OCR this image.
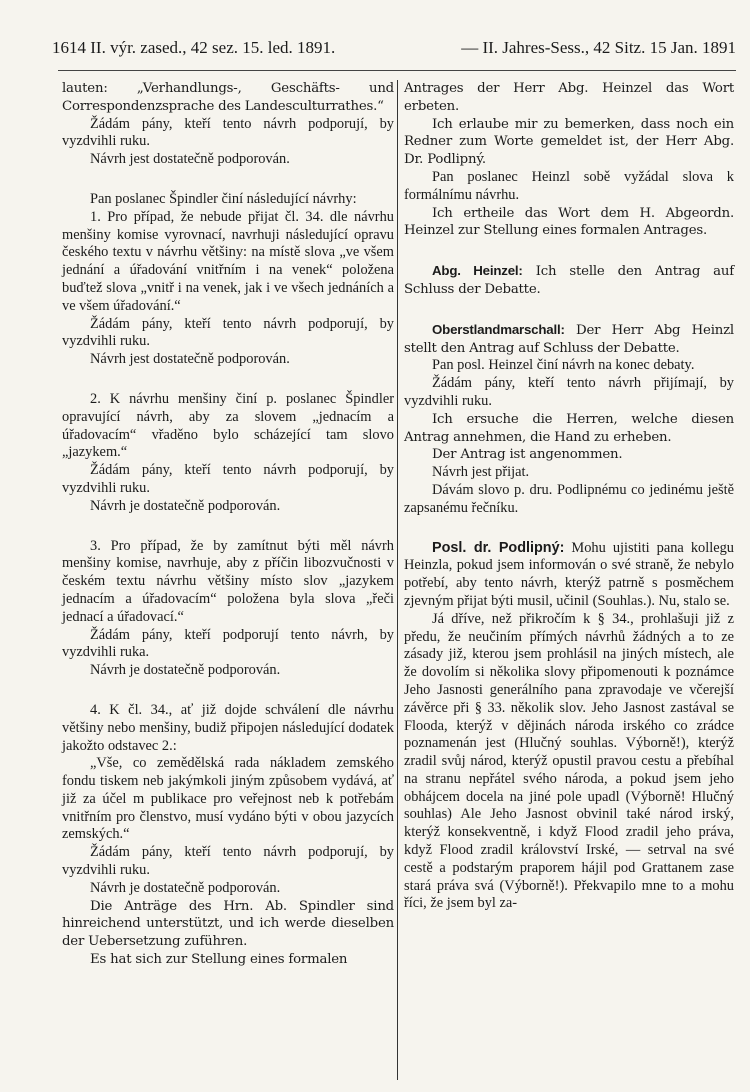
1614 II. výr. zased., 42 sez. 15. led. 1891.	— II. Jahres-Sess., 42 Sitz. 15 Jan. 1891

lauten: „Verhandlungs-, Geschäfts- und Correspondenzsprache des Landesculturrathes.“

Žádám pány, kteří tento návrh podporují, by vyzdvihli ruku.

Návrh jest dostatečně podporován.

Pan poslanec Špindler činí následující návrhy:

1. Pro případ, že nebude přijat čl. 34. dle návrhu menšiny komise vyrovnací, navrhuji následující opravu českého textu v návrhu většiny: na místě slova „ve všem jednání a úřadování vnitřním i na venek“ položena buďtež slova „vnitř i na venek, jak i ve všech jednáních a ve všem úřadování.“

Žádám pány, kteří tento návrh podporují, by vyzdvihli ruku.

Návrh jest dostatečně podporován.

2. K návrhu menšiny činí p. poslanec Špindler opravující návrh, aby za slovem „jednacím a úřadovacím“ vřaděno bylo scházející tam slovo „jazykem.“

Žádám pány, kteří tento návrh podporují, by vyzdvihli ruku.

Návrh je dostatečně podporován.

3. Pro případ, že by zamítnut býti měl návrh menšiny komise, navrhuje, aby z příčin libozvučnosti v českém textu návrhu většiny místo slov „jazykem jednacím a úřadovacím“ položena byla slova „řeči jednací a úřadovací.“

Žádám pány, kteří podporují tento návrh, by vyzdvihli ruka.

Návrh je dostatečně podporován.

4. K čl. 34., ať již dojde schválení dle návrhu většiny nebo menšiny, budiž připojen následující dodatek jakožto odstavec 2.:

„Vše, co zemědělská rada nákladem zemského fondu tiskem neb jakýmkoli jiným způsobem vydává, ať již za účel m publikace pro veřejnost neb k potřebám vnitřním pro členstvo, musí vydáno býti v obou jazycích zemských.“

Žádám pány, kteří tento návrh podporují, by vyzdvihli ruku.

Návrh je dostatečně podporován.

Die Anträge des Hrn. Ab. Spindler sind hinreichend unterstützt, und ich werde dieselben der Uebersetzung zuführen.

Es hat sich zur Stellung eines formalen

Antrages der Herr Abg. Heinzel das Wort erbeten.

Ich erlaube mir zu bemerken, dass noch ein Redner zum Worte gemeldet ist, der Herr Abg. Dr. Podlipný.

Pan poslanec Heinzl sobě vyžádal slova k formálnímu návrhu.

Ich ertheile das Wort dem H. Abgeordn. Heinzel zur Stellung eines formalen Antrages.

Abg. Heinzel: Ich stelle den Antrag auf Schluss der Debatte.

Oberstlandmarschall: Der Herr Abg Heinzl stellt den Antrag auf Schluss der Debatte.

Pan posl. Heinzel činí návrh na konec debaty.

Žádám pány, kteří tento návrh přijímají, by vyzdvihli ruku.

Ich ersuche die Herren, welche diesen Antrag annehmen, die Hand zu erheben.

Der Antrag ist angenommen.

Návrh jest přijat.

Dávám slovo p. dru. Podlipnému co jedinému ještě zapsanému řečníku.

Posl. dr. Podlipný: Mohu ujistiti pana kollegu Heinzla, pokud jsem informován o své straně, že nebylo potřebí, aby tento návrh, kterýž patrně s posměchem zjevným přijat býti musil, učinil (Souhlas.). Nu, stalo se.

Já dříve, než přikročím k § 34., prohlašuji již z předu, že neučiním přímých návrhů žádných a to ze zásady již, kterou jsem prohlásil na jiných místech, ale že dovolím si několika slovy připomenouti k poznámce Jeho Jasnosti generálního pana zpravodaje ve včerejší závěrce při § 33. několik slov. Jeho Jasnost zastával se Flooda, kterýž v dějinách národa irského co zrádce poznamenán jest (Hlučný souhlas. Výborně!), kterýž zradil svůj národ, kterýž opustil pravou cestu a přebíhal na stranu nepřátel svého národa, a pokud jsem jeho obhájcem docela na jiné pole upadl (Výborně! Hlučný souhlas) Ale Jeho Jasnost obvinil také národ irský, kterýž konsekventně, i když Flood zradil jeho práva, když Flood zradil království Irské, — setrval na své cestě a podstarým praporem hájil pod Grattanem zase stará práva svá (Výborně!). Překvapilo mne to a mohu říci, že jsem byl za-
